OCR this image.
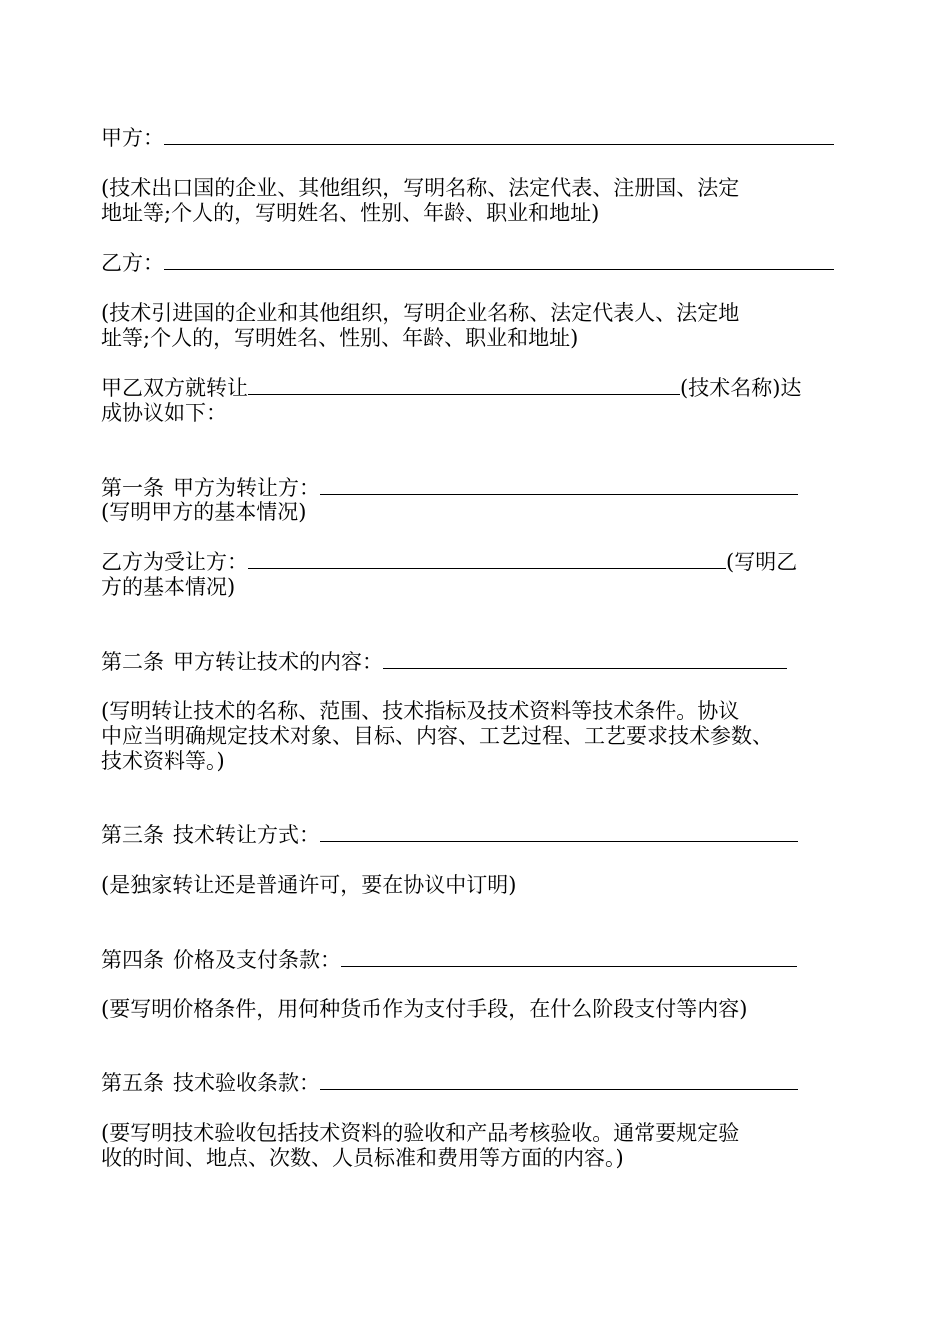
甲方：
(技术出口国的企业、其他组织，写明名称、法定代表、注册国、法定
地址等;个人的，写明姓名、性别、年龄、职业和地址)
乙方：
(技术引进国的企业和其他组织，写明企业名称、法定代表人、法定地
址等;个人的，写明姓名、性别、年龄、职业和地址)
甲乙双方就转让	(技术名称)达
成协议如下：
第一条 甲方为转让方：
(写明甲方的基本情况)
乙方为受让方：	(写明乙
方的基本情况)
第二条 甲方转让技术的内容：
(写明转让技术的名称、范围、技术指标及技术资料等技术条件。协议
中应当明确规定技术对象、目标、内容、工艺过程、工艺要求技术参数、
技术资料等。)
第三条 技术转让方式：
(是独家转让还是普通许可，要在协议中订明)
第四条 价格及支付条款：
(要写明价格条件，用何种货币作为支付手段，在什么阶段支付等内容)
第五条 技术验收条款：
(要写明技术验收包括技术资料的验收和产品考核验收。通常要规定验
收的时间、地点、次数、人员标准和费用等方面的内容。)
